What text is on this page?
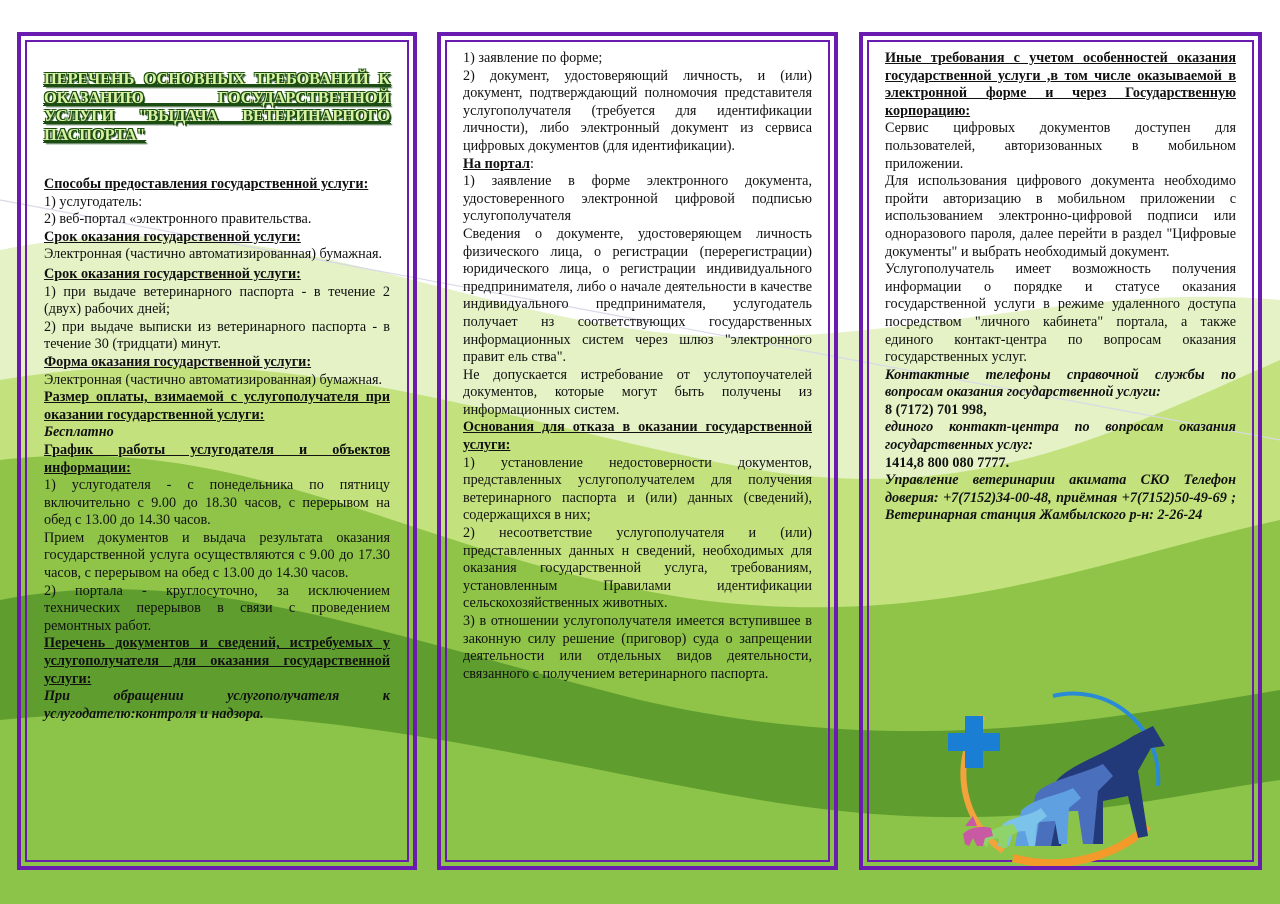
ПЕРЕЧЕНЬ ОСНОВНЫХ ТРЕБОВАНИЙ К ОКАЗАНИЮ ГОСУДАРСТВЕННОЙ УСЛУГИ "ВЫДАЧА ВЕТЕРИНАРНОГО ПАСПОРТА"

Способы предоставления государственной услуги:

1) услугодатель:

2) веб-портал «электронного правительства.

Срок оказания государственной услуги:

Электронная (частично автоматизированная) бумажная.

Срок оказания государственной услуги:

1) при выдаче ветеринарного паспорта - в течение 2 (двух) рабочих дней;

2) при выдаче выписки из ветеринарного паспорта - в течение 30 (тридцати) минут.

Форма оказания государственной услуги:

Электронная (частично автоматизированная) бумажная.

Размер оплаты, взимаемой с услугополучателя при оказании государственной услуги:

Бесплатно

График работы услугодателя и объектов информации:

1) услугодателя - с понедельника по пятницу включительно с 9.00 до 18.30 часов, с перерывом на обед с 13.00 до 14.30 часов.

Прием документов и выдача результата оказания государственной услуга осуществляются с 9.00 до 17.30 часов, с перерывом на обед с 13.00 до 14.30 часов.

2) портала - круглосуточно, за исключением технических перерывов в связи с проведением ремонтных работ.

Перечень документов и сведений, истребуемых у услугополучателя для оказания государственной услуги:

При обращении услугополучателя к услугодателю:контроля и надзора.

1) заявление по форме;

2) документ, удостоверяющий личность, и (или) документ, подтверждающий полномочия представителя услугополучателя (требуется для идентификации личности), либо электронный документ из сервиса цифровых документов (для идентификации).

На портал:

1) заявление в форме электронного документа, удостоверенного электронной цифровой подписью услугополучателя

Сведения о документе, удостоверяющем личность физического лица, о регистрации (перерегистрации) юридического лица, о регистрации индивидуального предпринимателя, либо о начале деятельности в качестве индивидуального предпринимателя, услугодатель получает нз соответствующих государственных информационных систем через шлюз "электронного правит ель ства".

Не допускается истребование от услутопоучателей документов, которые могут быть получены из информационных систем.

Основания для отказа в оказании государственной услуги:

1) установление недостоверности документов, представленных услугополучателем для получения ветеринарного паспорта и (или) данных (сведений), содержащихся в них;

2) несоответствие услугополучателя и (или) представленных данных н сведений, необходимых для оказания государственной услуга, требованиям, установленным Правилами идентификации сельскохозяйственных животных.

3) в отношении услугополучателя имеется вступившее в законную силу решение (приговор) суда о запрещении деятельности или отдельных видов деятельности, связанного с получением ветеринарного паспорта.

Иные требования с учетом особенностей оказания государственной услуги ,в том числе оказываемой в электронной форме и через Государственную корпорацию:

Сервис цифровых документов доступен для пользователей, авторизованных в мобильном приложении.

Для использования цифрового документа необходимо пройти авторизацию в мобильном приложении с использованием электронно-цифровой подписи или одноразового пароля, далее перейти в раздел "Цифровые документы" и выбрать необходимый документ.

Услугополучатель имеет возможность получения информации о порядке и статусе оказания государственной услуги в режиме удаленного доступа посредством "личного кабинета" портала, а также единого контакт-центра по вопросам оказания государственных услуг.

Контактные телефоны справочной службы по вопросам оказания государственной услуги:

8 (7172) 701 998,

единого контакт-центра по вопросам оказания государственных услуг:

1414,8 800 080 7777.

Управление ветеринарии акимата СКО Телефон доверия: +7(7152)34-00-48, приёмная +7(7152)50-49-69 ; Ветеринарная станция Жамбылского р-н: 2-26-24
